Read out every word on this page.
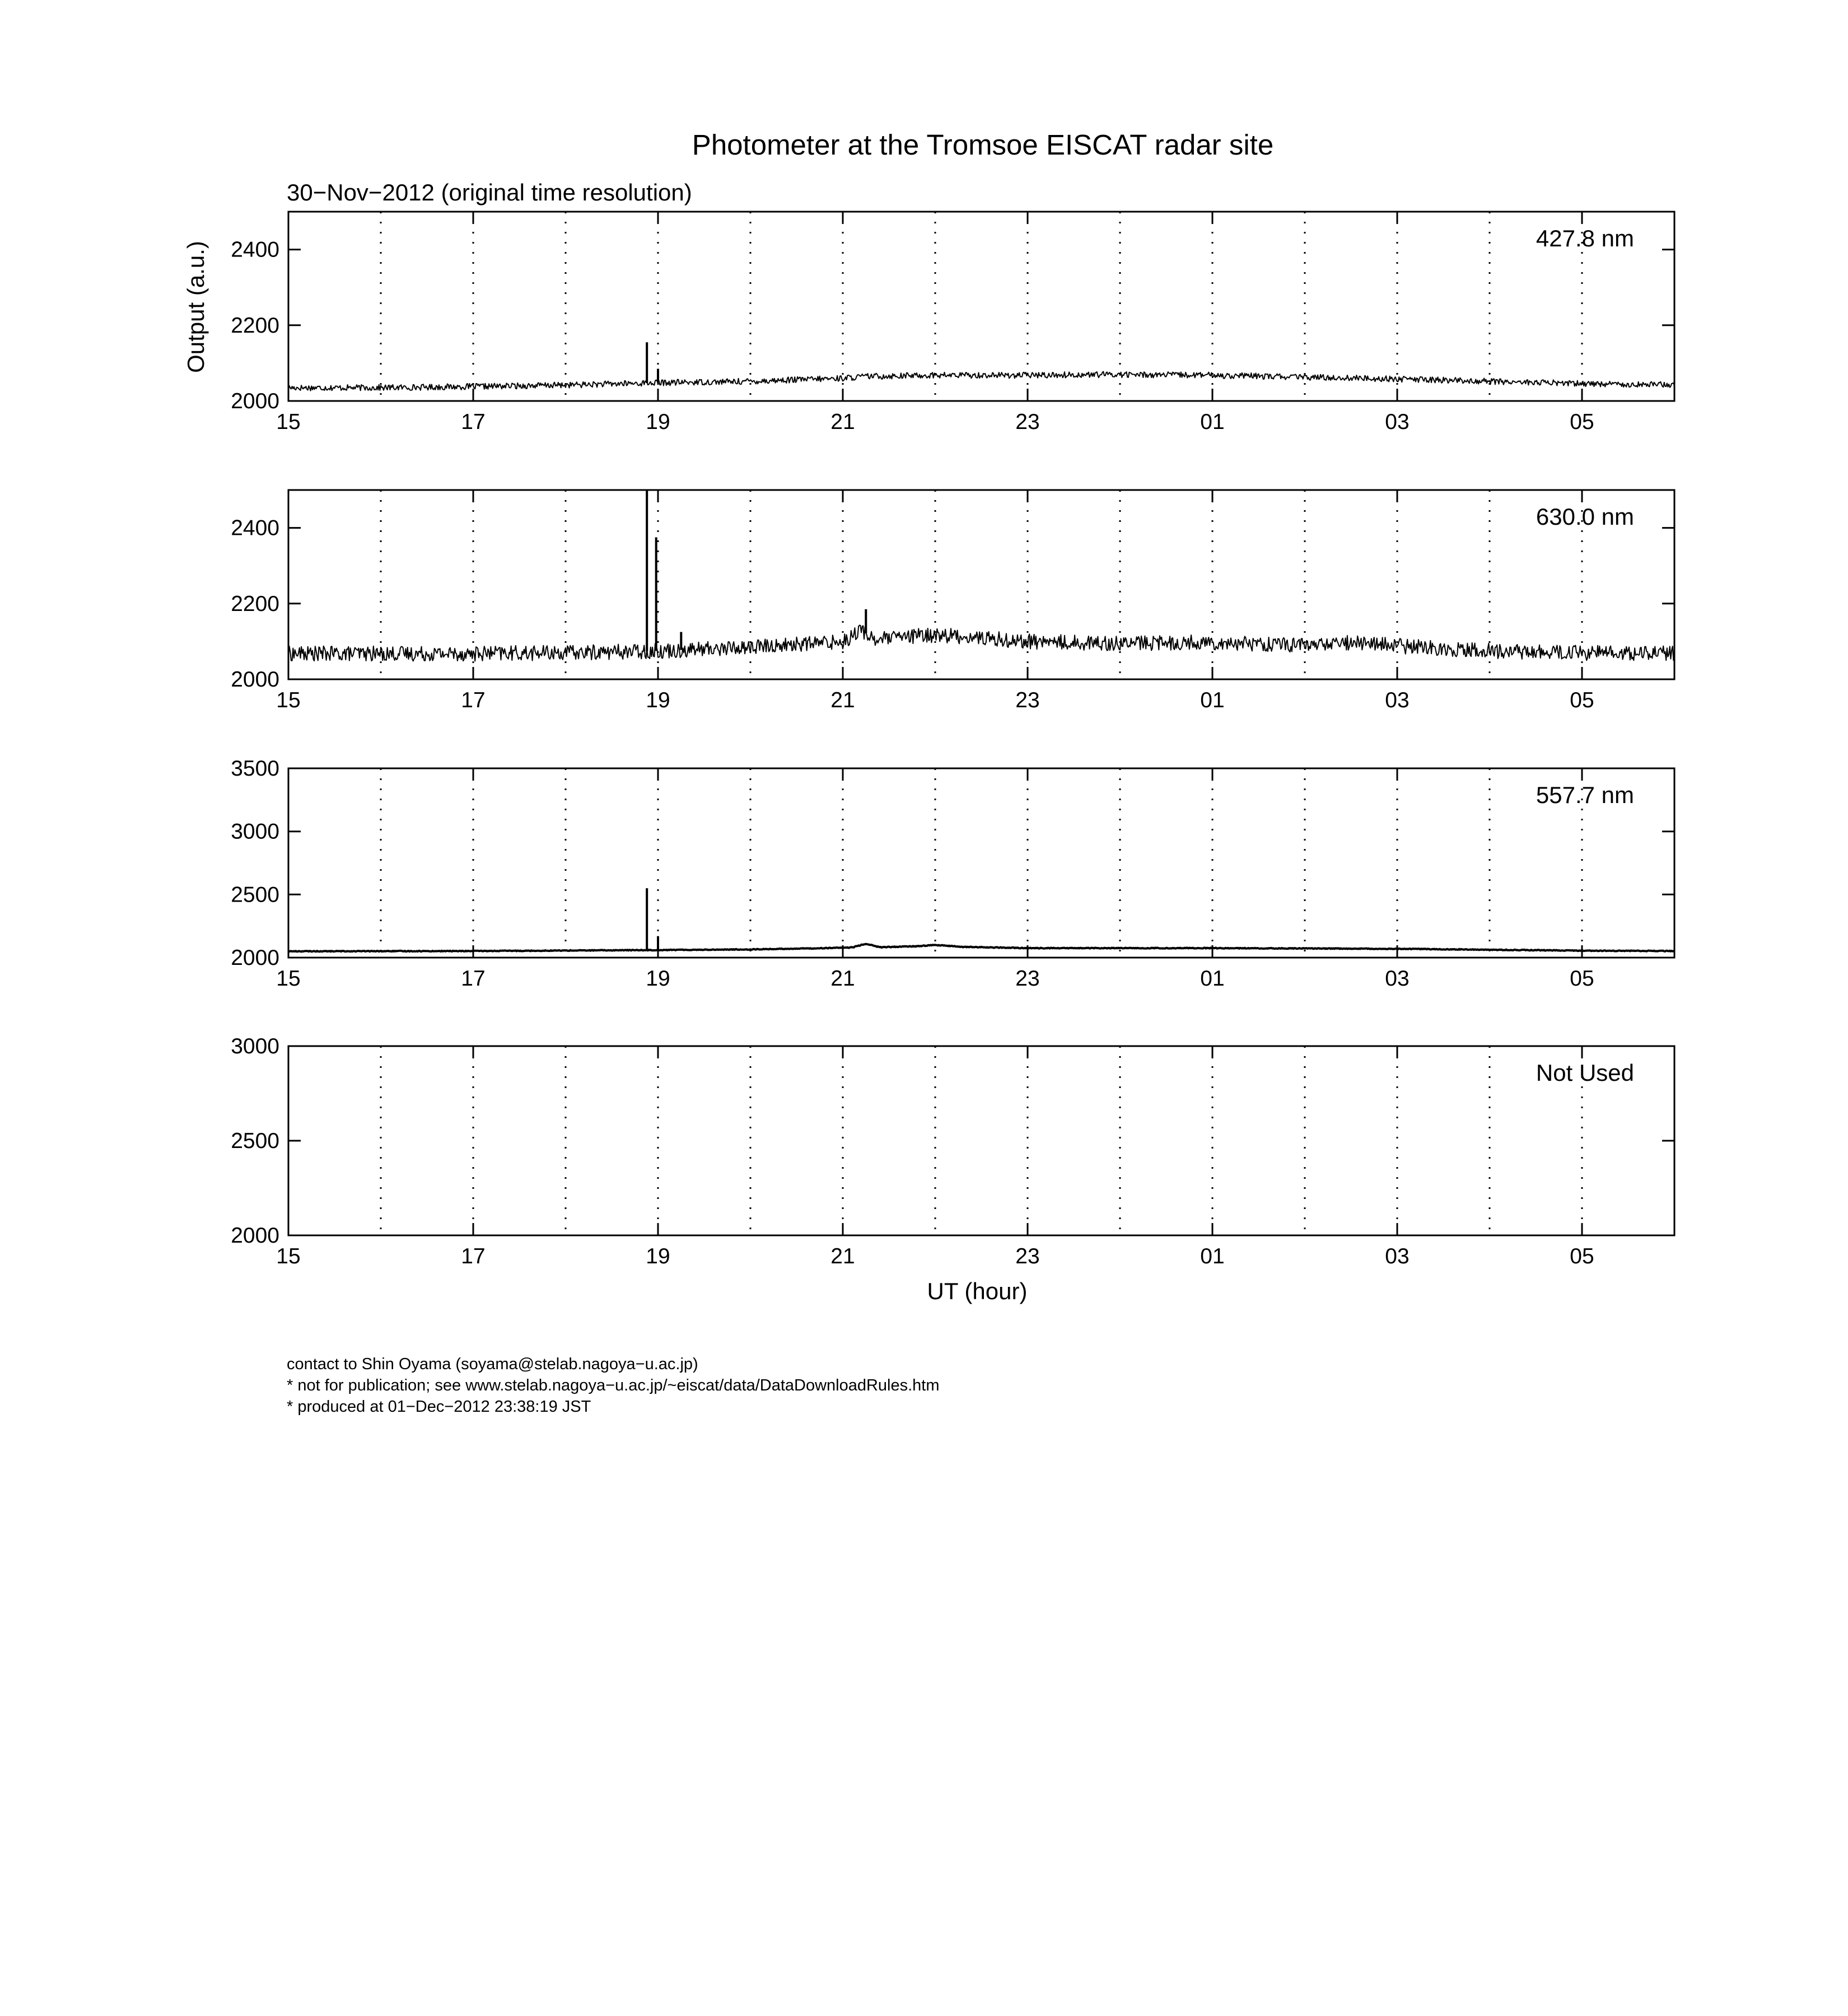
Photometer at the Tromsoe EISCAT radar site
30−Nov−2012 (original time resolution)
Output (a.u.)
2000
2200
2400
15	17	19	21	23	01	03	05
427.8 nm
2000
2200
2400
15	17	19	21	23	01	03	05
630.0 nm
2000
2500
3000
3500
15	17	19	21	23	01	03	05
557.7 nm
2000
2500
3000
15	17	19	21	23	01	03	05
Not Used
UT (hour)
contact to Shin Oyama (soyama@stelab.nagoya−u.ac.jp)
* not for publication; see www.stelab.nagoya−u.ac.jp/~eiscat/data/DataDownloadRules.htm
* produced at 01−Dec−2012 23:38:19 JST
